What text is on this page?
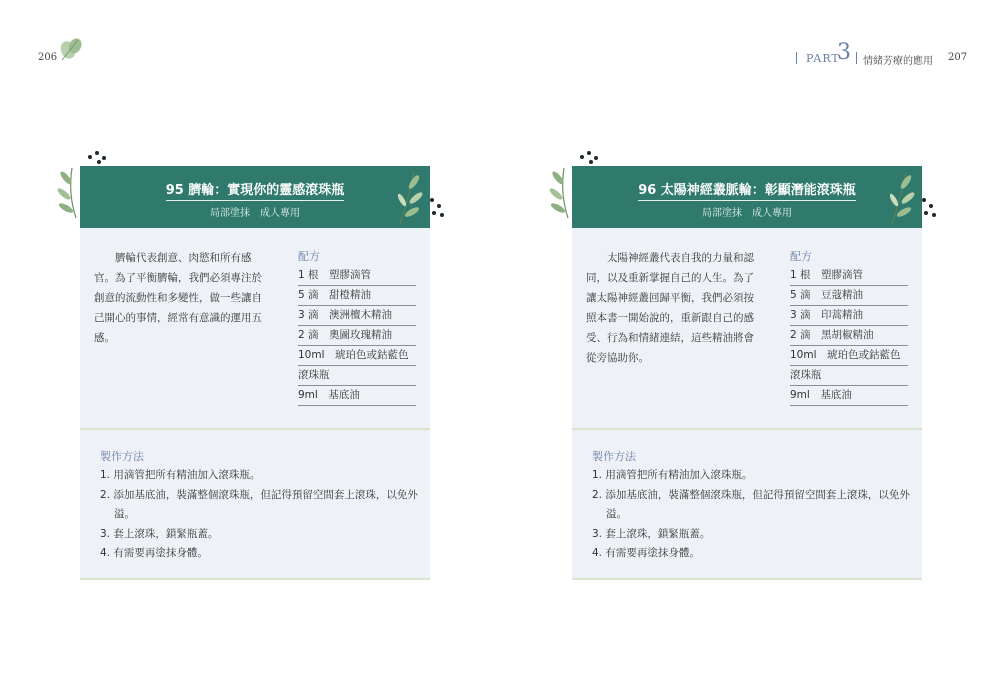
206	PART
3 情緒芳療的應用 207
95 臍輪：實現你的靈感滾珠瓶
局部塗抹　成人專用
臍輪代表創意、肉慾和所有感官。為了平衡臍輪，我們必須專注於創意的流動性和多變性，做一些讓自己開心的事情，經常有意識的運用五感。
配方
1 根　塑膠滴管
5 滴　甜橙精油
3 滴　澳洲檀木精油
2 滴　奧圖玫瑰精油
10ml　琥珀色或鈷藍色
滾珠瓶
9ml　基底油
製作方法
1. 用滴管把所有精油加入滾珠瓶。
2. 添加基底油，裝滿整個滾珠瓶，但記得預留空間套上滾珠，以免外溢。
3. 套上滾珠，鎖緊瓶蓋。
4. 有需要再塗抹身體。
96 太陽神經叢脈輪：彰顯潛能滾珠瓶
局部塗抹　成人專用
太陽神經叢代表自我的力量和認同，以及重新掌握自己的人生。為了讓太陽神經叢回歸平衡，我們必須按照本書一開始說的，重新跟自己的感受、行為和情緒連結，這些精油將會從旁協助你。
配方
1 根　塑膠滴管
5 滴　豆蔻精油
3 滴　印蒿精油
2 滴　黑胡椒精油
10ml　琥珀色或鈷藍色
滾珠瓶
9ml　基底油
製作方法
1. 用滴管把所有精油加入滾珠瓶。
2. 添加基底油，裝滿整個滾珠瓶，但記得預留空間套上滾珠，以免外溢。
3. 套上滾珠，鎖緊瓶蓋。
4. 有需要再塗抹身體。
